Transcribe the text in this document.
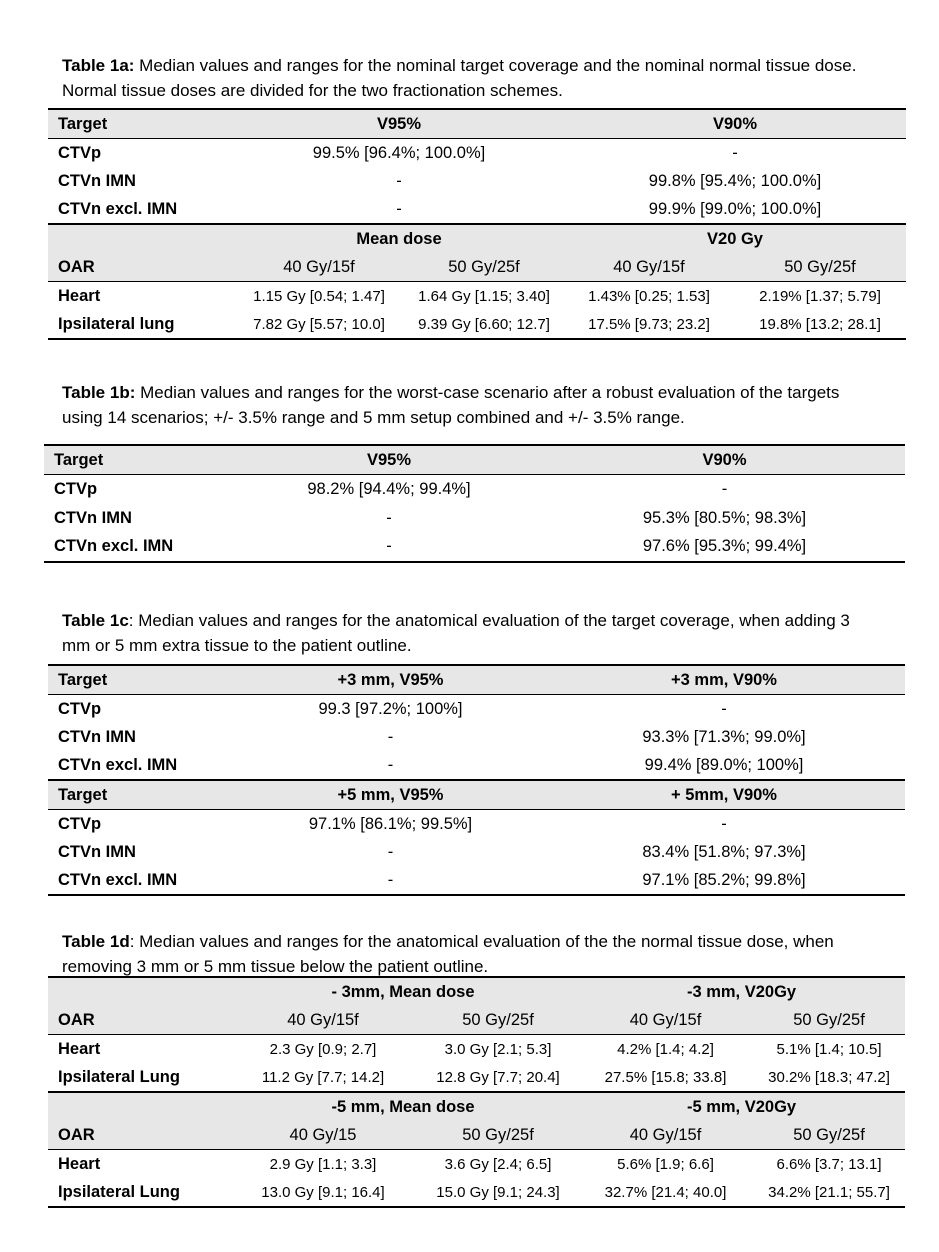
Table 1a: Median values and ranges for the nominal target coverage and the nominal normal tissue dose. Normal tissue doses are divided for the two fractionation schemes.
Target	V95%		V90%	
CTVp	99.5% [96.4%; 100.0%]		-	
CTVn IMN	-		99.8% [95.4%; 100.0%]	
CTVn excl. IMN	-		99.9% [99.0%; 100.0%]	
	Mean dose		V20 Gy	
OAR	40 Gy/15f	50 Gy/25f	40 Gy/15f	50 Gy/25f
Heart	1.15 Gy [0.54; 1.47]	1.64 Gy [1.15; 3.40]	1.43% [0.25; 1.53]	2.19% [1.37; 5.79]
Ipsilateral lung	7.82 Gy [5.57; 10.0]	9.39 Gy [6.60; 12.7]	17.5% [9.73; 23.2]	19.8% [13.2; 28.1]
Table 1b: Median values and ranges for the worst-case scenario after a robust evaluation of the targets using 14 scenarios; +/- 3.5% range and 5 mm setup combined and +/- 3.5% range.
Target	V95%	V90%
CTVp	98.2% [94.4%; 99.4%]	-
CTVn IMN	-	95.3% [80.5%; 98.3%]
CTVn excl. IMN	-	97.6% [95.3%; 99.4%]
Table 1c: Median values and ranges for the anatomical evaluation of the target coverage, when adding 3 mm or 5 mm extra tissue to the patient outline.
Target	+3 mm, V95%	+3 mm, V90%
CTVp	99.3 [97.2%; 100%]	-
CTVn IMN	-	93.3% [71.3%; 99.0%]
CTVn excl. IMN	-	99.4% [89.0%; 100%]
Target	+5 mm, V95%	+ 5mm, V90%
CTVp	97.1% [86.1%; 99.5%]	-
CTVn IMN	-	83.4% [51.8%; 97.3%]
CTVn excl. IMN	-	97.1% [85.2%; 99.8%]
Table 1d: Median values and ranges for the anatomical evaluation of the the normal tissue dose, when removing 3 mm or 5 mm tissue below the patient outline.
	- 3mm, Mean dose		-3 mm, V20Gy	
OAR	40 Gy/15f	50 Gy/25f	40 Gy/15f	50 Gy/25f
Heart	2.3 Gy [0.9; 2.7]	3.0 Gy [2.1; 5.3]	4.2% [1.4; 4.2]	5.1% [1.4; 10.5]
Ipsilateral Lung	11.2 Gy [7.7; 14.2]	12.8 Gy [7.7; 20.4]	27.5% [15.8; 33.8]	30.2% [18.3; 47.2]
	-5 mm, Mean dose		-5 mm, V20Gy	
OAR	40 Gy/15	50 Gy/25f	40 Gy/15f	50 Gy/25f
Heart	2.9 Gy [1.1; 3.3]	3.6 Gy [2.4; 6.5]	5.6% [1.9; 6.6]	6.6% [3.7; 13.1]
Ipsilateral Lung	13.0 Gy [9.1; 16.4]	15.0 Gy [9.1; 24.3]	32.7% [21.4; 40.0]	34.2% [21.1; 55.7]
